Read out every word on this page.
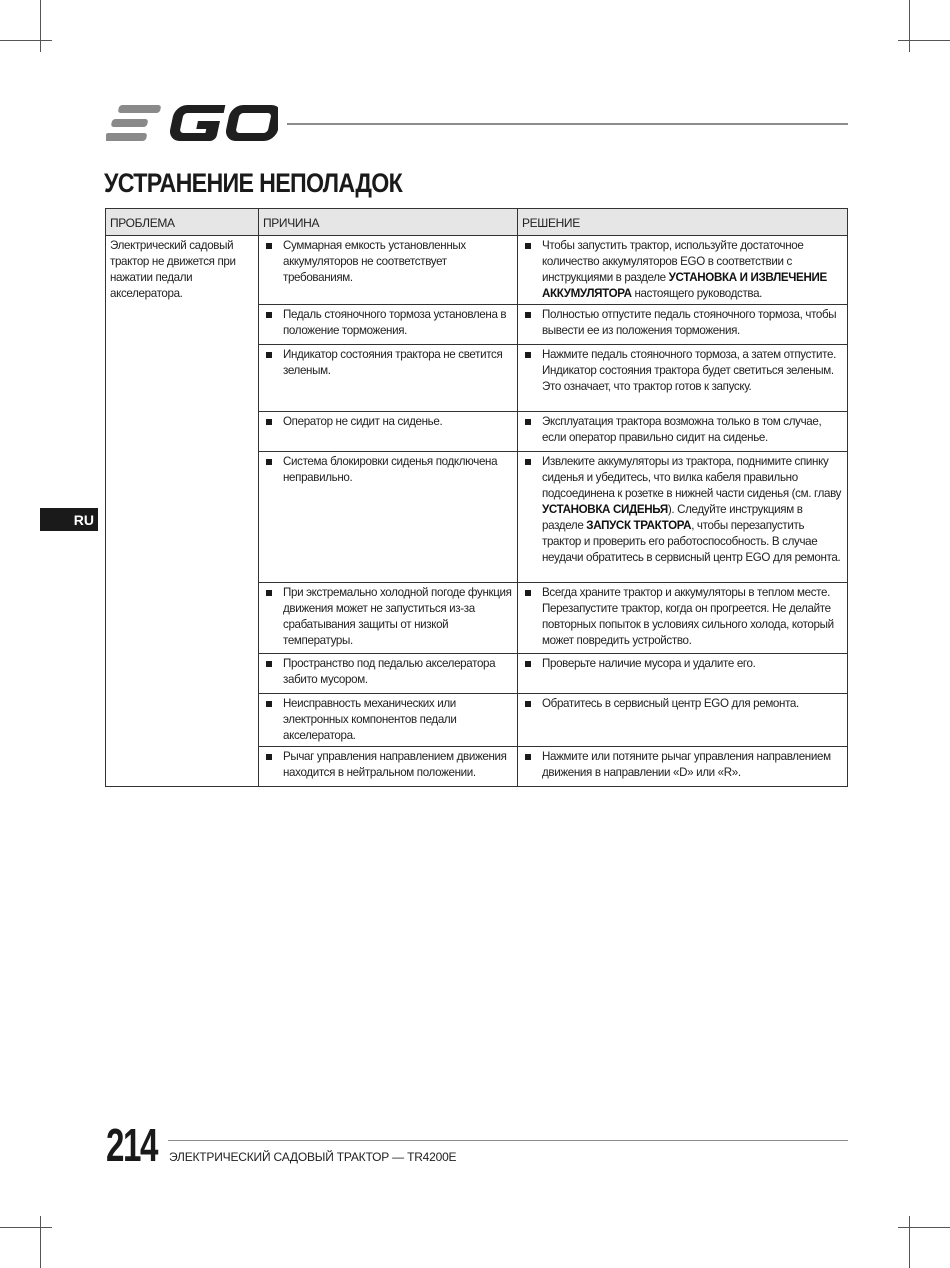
EGO
УСТРАНЕНИЕ НЕПОЛАДОК
RU
ПРОБЛЕМА	ПРИЧИНА	РЕШЕНИЕ
Электрический садовый трактор не движется при нажатии педали акселератора.	Суммарная емкость установленных аккумуляторов не соответствует требованиям.	Чтобы запустить трактор, используйте достаточное количество аккумуляторов EGO в соответствии с инструкциями в разделе УСТАНОВКА И ИЗВЛЕЧЕНИЕ АККУМУЛЯТОРА настоящего руководства.

Педаль стояночного тормоза установлена в положение торможения.	Полностью отпустите педаль стояночного тормоза, чтобы вывести ее из положения торможения.

Индикатор состояния трактора не светится зеленым.	Нажмите педаль стояночного тормоза, а затем отпустите. Индикатор состояния трактора будет светиться зеленым. Это означает, что трактор готов к запуску.

Оператор не сидит на сиденье.	Эксплуатация трактора возможна только в том случае, если оператор правильно сидит на сиденье.

Система блокировки сиденья подключена неправильно.	Извлеките аккумуляторы из трактора, поднимите спинку сиденья и убедитесь, что вилка кабеля правильно подсоединена к розетке в нижней части сиденья (см. главу УСТАНОВКА СИДЕНЬЯ). Следуйте инструкциям в разделе ЗАПУСК ТРАКТОРА, чтобы перезапустить трактор и проверить его работоспособность. В случае неудачи обратитесь в сервисный центр EGO для ремонта.

При экстремально холодной погоде функция движения может не запуститься из-за срабатывания защиты от низкой температуры.	Всегда храните трактор и аккумуляторы в теплом месте. Перезапустите трактор, когда он прогреется. Не делайте повторных попыток в условиях сильного холода, который может повредить устройство.

Пространство под педалью акселератора забито мусором.	Проверьте наличие мусора и удалите его.

Неисправность механических или электронных компонентов педали акселератора.	Обратитесь в сервисный центр EGO для ремонта.

Рычаг управления направлением движения находится в нейтральном положении.	Нажмите или потяните рычаг управления направлением движения в направлении «D» или «R».
214 ЭЛЕКТРИЧЕСКИЙ САДОВЫЙ ТРАКТОР — TR4200E
